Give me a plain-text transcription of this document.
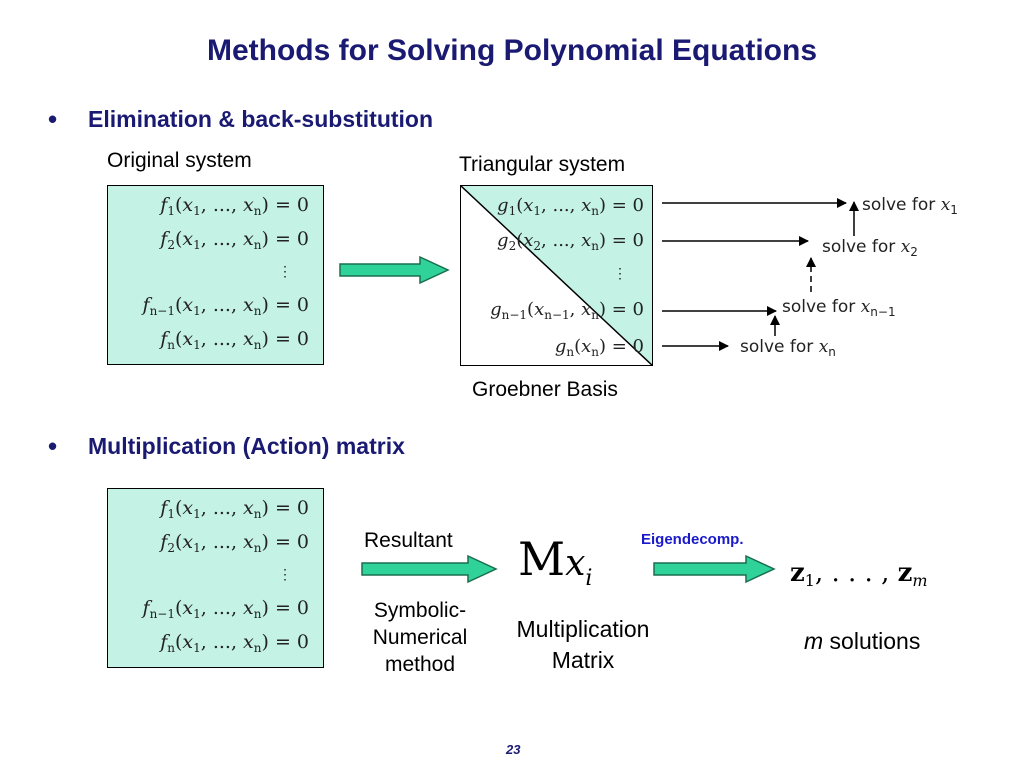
Methods for Solving Polynomial Equations
• Elimination & back-substitution
Original system	Triangular system
$f_1(x_1$, ..., $x_n) = 0$
$f_2(x_1$, ..., $x_n) = 0$
⋮
$f_{n-1}(x_1$, ..., $x_n) = 0$
$f_n(x_1$, ..., $x_n) = 0$
$g_1(x_1$, ..., $x_n) = 0$
$g_2(x_2$, ..., $x_n) = 0$
⋮
$g_{n-1}(x_{n-1}$, $x_n) = 0$
$g_n(x_n) = 0$
Groebner Basis
solve for $x_1$
solve for $x_2$
solve for $x_{n-1}$
solve for $x_n$
• Multiplication (Action) matrix
$f_1(x_1$, ..., $x_n) = 0$
$f_2(x_1$, ..., $x_n) = 0$
⋮
$f_{n-1}(x_1$, ..., $x_n) = 0$
$f_n(x_1$, ..., $x_n) = 0$
Resultant
Symbolic-
Numerical
method
$Mx_i$
Multiplication
Matrix
Eigendecomp.
$z_1$, . . . , $z_m$
m solutions
23
